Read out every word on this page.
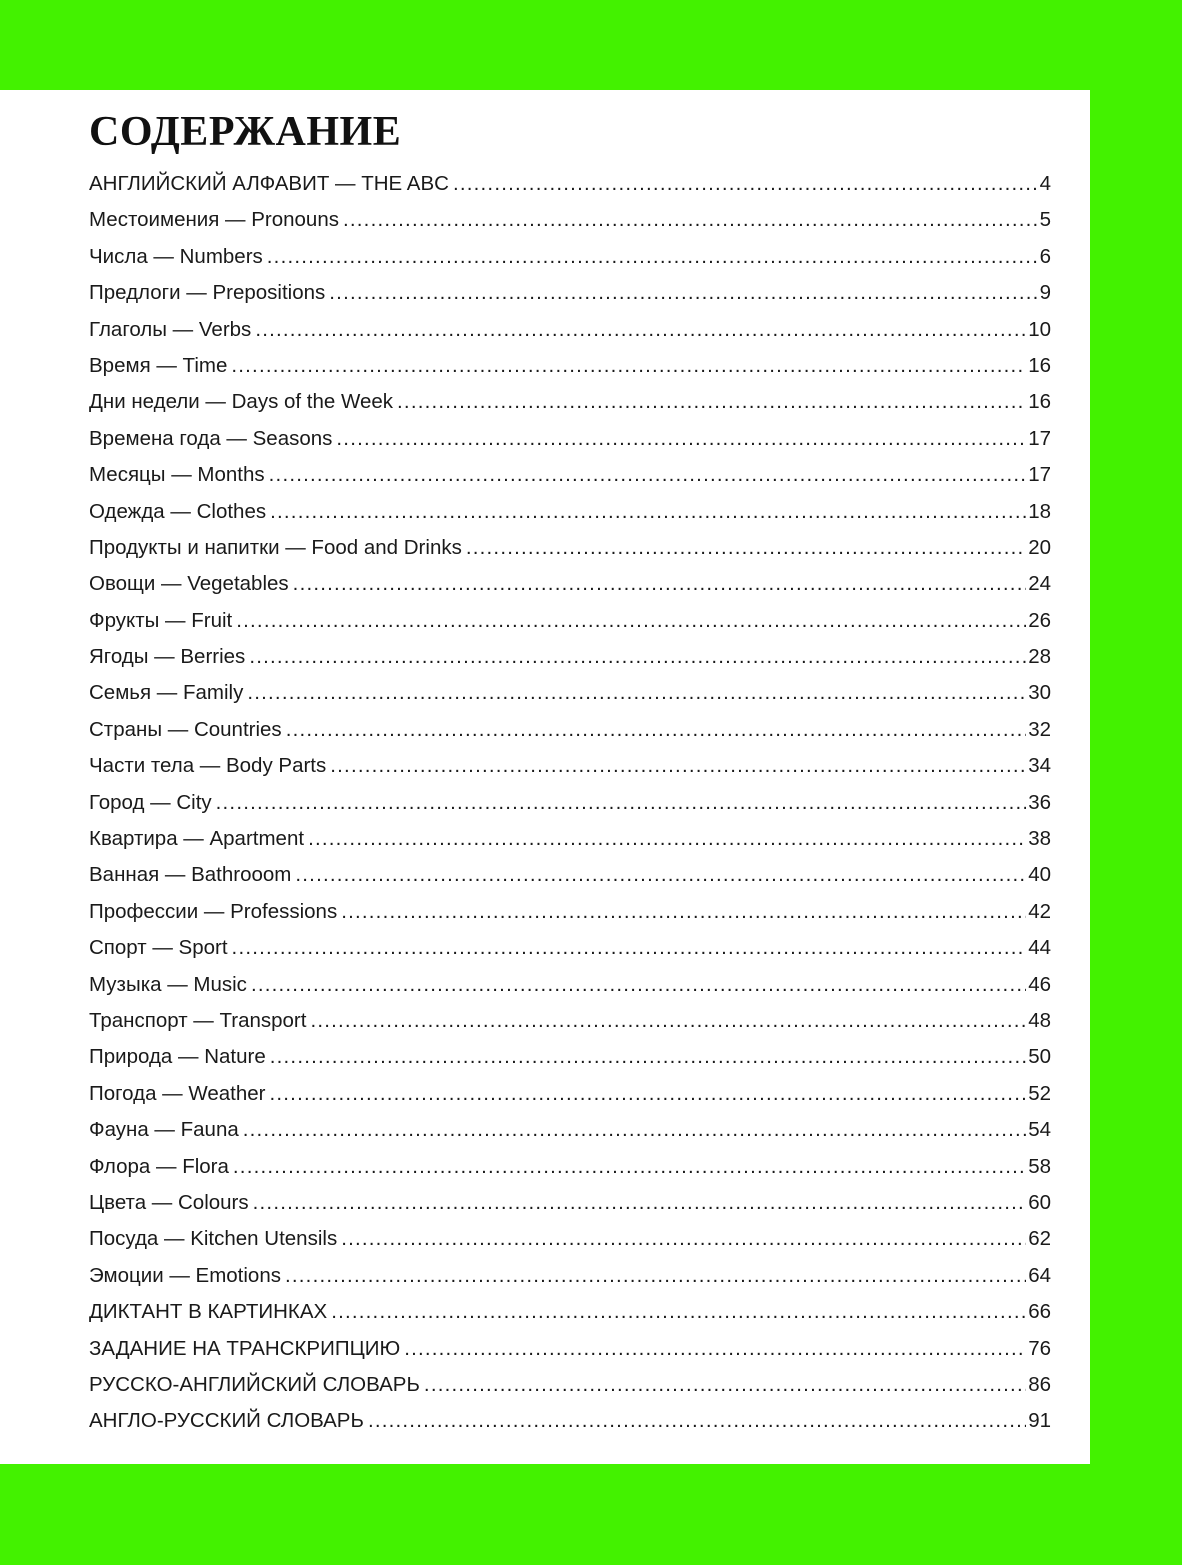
СОДЕРЖАНИЕ
АНГЛИЙСКИЙ АЛФАВИТ — THE ABC .....	4
Местоимения — Pronouns .....	5
Числа — Numbers .....	6
Предлоги — Prepositions .....	9
Глаголы — Verbs .....	10
Время — Time .....	16
Дни недели — Days of the Week .....	16
Времена года — Seasons .....	17
Месяцы — Months .....	17
Одежда — Clothes .....	18
Продукты и напитки — Food and Drinks .....	20
Овощи — Vegetables .....	24
Фрукты — Fruit .....	26
Ягоды — Berries .....	28
Семья — Family .....	30
Страны — Countries .....	32
Части тела — Body Parts .....	34
Город — City .....	36
Квартира — Apartment .....	38
Ванная — Bathrooom .....	40
Профессии — Professions .....	42
Спорт — Sport .....	44
Музыка — Music .....	46
Транспорт — Transport .....	48
Природа — Nature .....	50
Погода — Weather .....	52
Фауна — Fauna .....	54
Флора — Flora .....	58
Цвета — Colours .....	60
Посуда — Kitchen Utensils .....	62
Эмоции — Emotions .....	64
ДИКТАНТ В КАРТИНКАХ .....	66
ЗАДАНИЕ НА ТРАНСКРИПЦИЮ .....	76
РУССКО-АНГЛИЙСКИЙ СЛОВАРЬ .....	86
АНГЛО-РУССКИЙ СЛОВАРЬ .....	91
